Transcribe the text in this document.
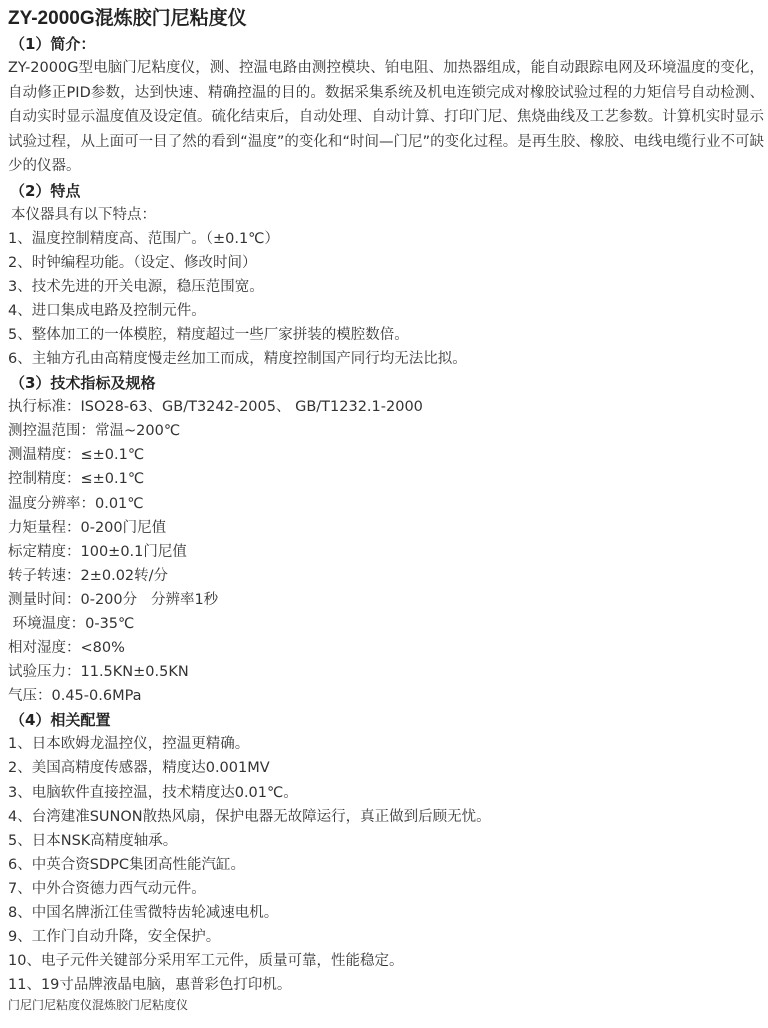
ZY-2000G混炼胶门尼粘度仪
（1）简介：

ZY-2000G型电脑门尼粘度仪，测、控温电路由测控模块、铂电阻、加热器组成，能自动跟踪电网及环境温度的变化，自动修正PID参数，达到快速、精确控温的目的。数据采集系统及机电连锁完成对橡胶试验过程的力矩信号自动检测、自动实时显示温度值及设定值。硫化结束后，自动处理、自动计算、打印门尼、焦烧曲线及工艺参数。计算机实时显示试验过程，从上面可一目了然的看到“温度”的变化和“时间—门尼”的变化过程。是再生胶、橡胶、电线电缆行业不可缺少的仪器。

（2）特点

本仪器具有以下特点：

1、温度控制精度高、范围广。（±0.1℃）

2、时钟编程功能。（设定、修改时间）

3、技术先进的开关电源，稳压范围宽。

4、进口集成电路及控制元件。

5、整体加工的一体模腔，精度超过一些厂家拼装的模腔数倍。

6、主轴方孔由高精度慢走丝加工而成，精度控制国产同行均无法比拟。

（3）技术指标及规格

执行标准：ISO28-63、GB/T3242-2005、 GB/T1232.1-2000

测控温范围：常温~200℃

测温精度：≤±0.1℃

控制精度：≤±0.1℃

温度分辨率：0.01℃

力矩量程：0-200门尼值

标定精度：100±0.1门尼值

转子转速：2±0.02转/分

测量时间：0-200分   分辨率1秒

环境温度：0-35℃

相对湿度：<80%

试验压力：11.5KN±0.5KN

气压：0.45-0.6MPa

（4）相关配置

1、日本欧姆龙温控仪，控温更精确。

2、美国高精度传感器，精度达0.001MV

3、电脑软件直接控温，技术精度达0.01℃。

4、台湾建准SUNON散热风扇，保护电器无故障运行，真正做到后顾无忧。

5、日本NSK高精度轴承。

6、中英合资SDPC集团高性能汽缸。

7、中外合资德力西气动元件。

8、中国名牌浙江佳雪微特齿轮减速电机。

9、工作门自动升降，安全保护。

10、电子元件关键部分采用军工元件，质量可靠，性能稳定。

11、19寸品牌液晶电脑，惠普彩色打印机。

门尼门尼粘度仪混炼胶门尼粘度仪
